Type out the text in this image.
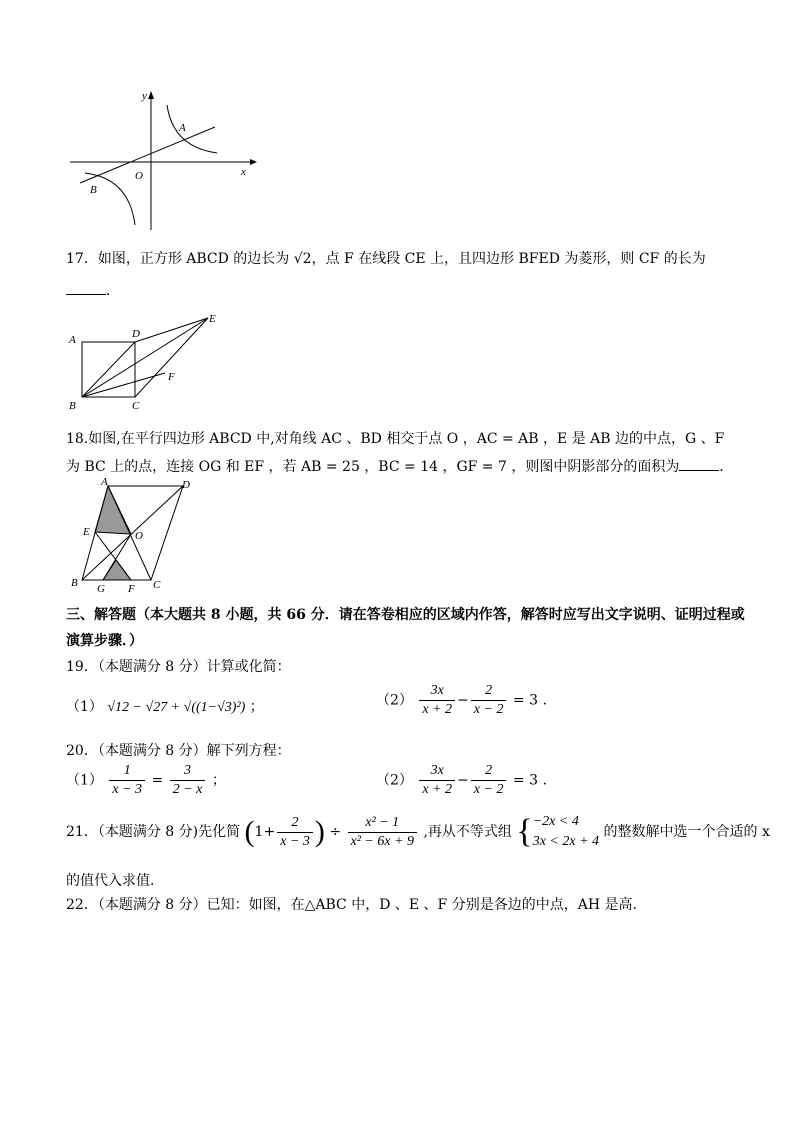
y
x
O
A
B
17．如图，正方形 ABCD 的边长为 √2，点 F 在线段 CE 上，且四边形 BFED 为菱形，则 CF 的长为
．
A
B	C
D
E
F
18.如图,在平行四边形 ABCD 中,对角线 AC 、BD 相交于点 O ，AC = AB ，E 是 AB 边的中点，G 、F
为 BC 上的点，连接 OG 和 EF ，若 AB = 25 ，BC = 14 ，GF = 7 ，则图中阴影部分的面积为	．
A	D
E	O
B G F C
三、解答题（本大题共 8 小题，共 66 分．请在答卷相应的区域内作答，解答时应写出文字说明、证明过程或
演算步骤．）
19．（本题满分 8 分）计算或化简：
（1） √12 − √27 + √((1−√3)²) ；	$(2) \frac{3x}{x + 2} - \frac{2}{x - 2} = 3$ .
20．（本题满分 8 分）解下列方程：
$(1) \frac{1}{x - 3} = \frac{3}{2 - x}$ ；	$(2) \frac{3x}{x + 2} - \frac{2}{x - 2} = 3$ .
21．（本题满分 8 分)先化简 ($1+ \frac{2}{x - 3}$ ) ÷ $\frac{\text{x² − 1}}{\text{x² − 6x + 9}}$ ,再从不等式组 { −2x < 4
3x < 2x + 4
的整数解中选一个合适的 x
的值代入求值．
22．（本题满分 8 分）已知：如图，在△ABC 中，D 、E 、F 分别是各边的中点，AH 是高．
